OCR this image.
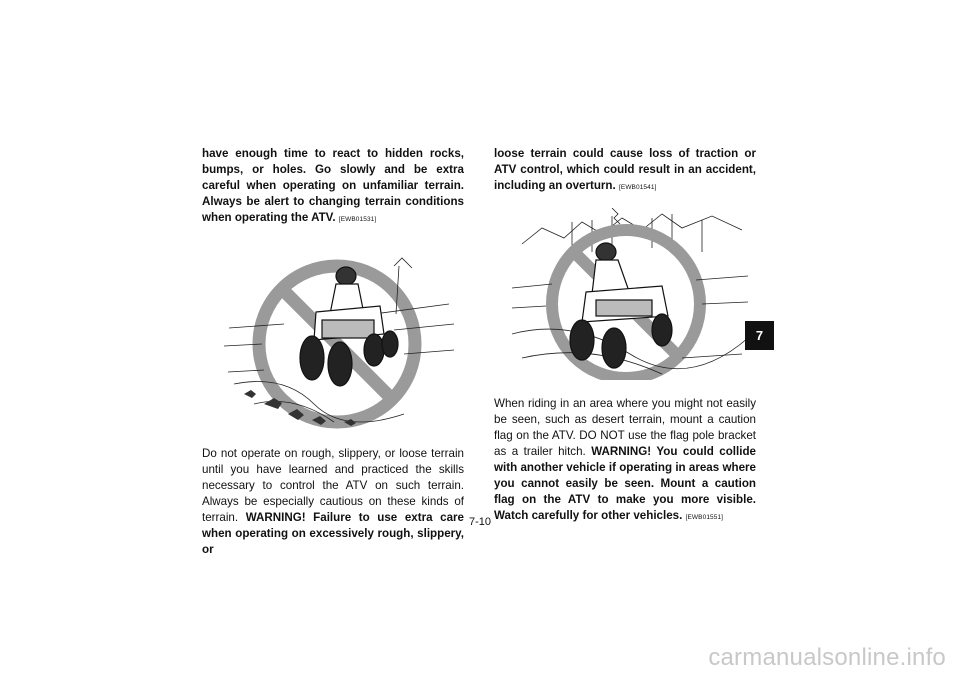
have enough time to react to hidden rocks, bumps, or holes. Go slowly and be extra careful when operating on unfamiliar terrain. Always be alert to changing terrain conditions when operating the ATV. [EWB01531]

Do not operate on rough, slippery, or loose terrain until you have learned and practiced the skills necessary to control the ATV on such terrain. Always be especially cautious on these kinds of terrain. WARNING! Failure to use extra care when operating on excessively rough, slippery, or

loose terrain could cause loss of traction or ATV control, which could result in an accident, including an overturn. [EWB01541]

When riding in an area where you might not easily be seen, such as desert terrain, mount a caution flag on the ATV. DO NOT use the flag pole bracket as a trailer hitch. WARNING! You could collide with another vehicle if operating in areas where you cannot easily be seen. Mount a caution flag on the ATV to make you more visible. Watch carefully for other vehicles. [EWB01551]

7-10
7
carmanualsonline.info
